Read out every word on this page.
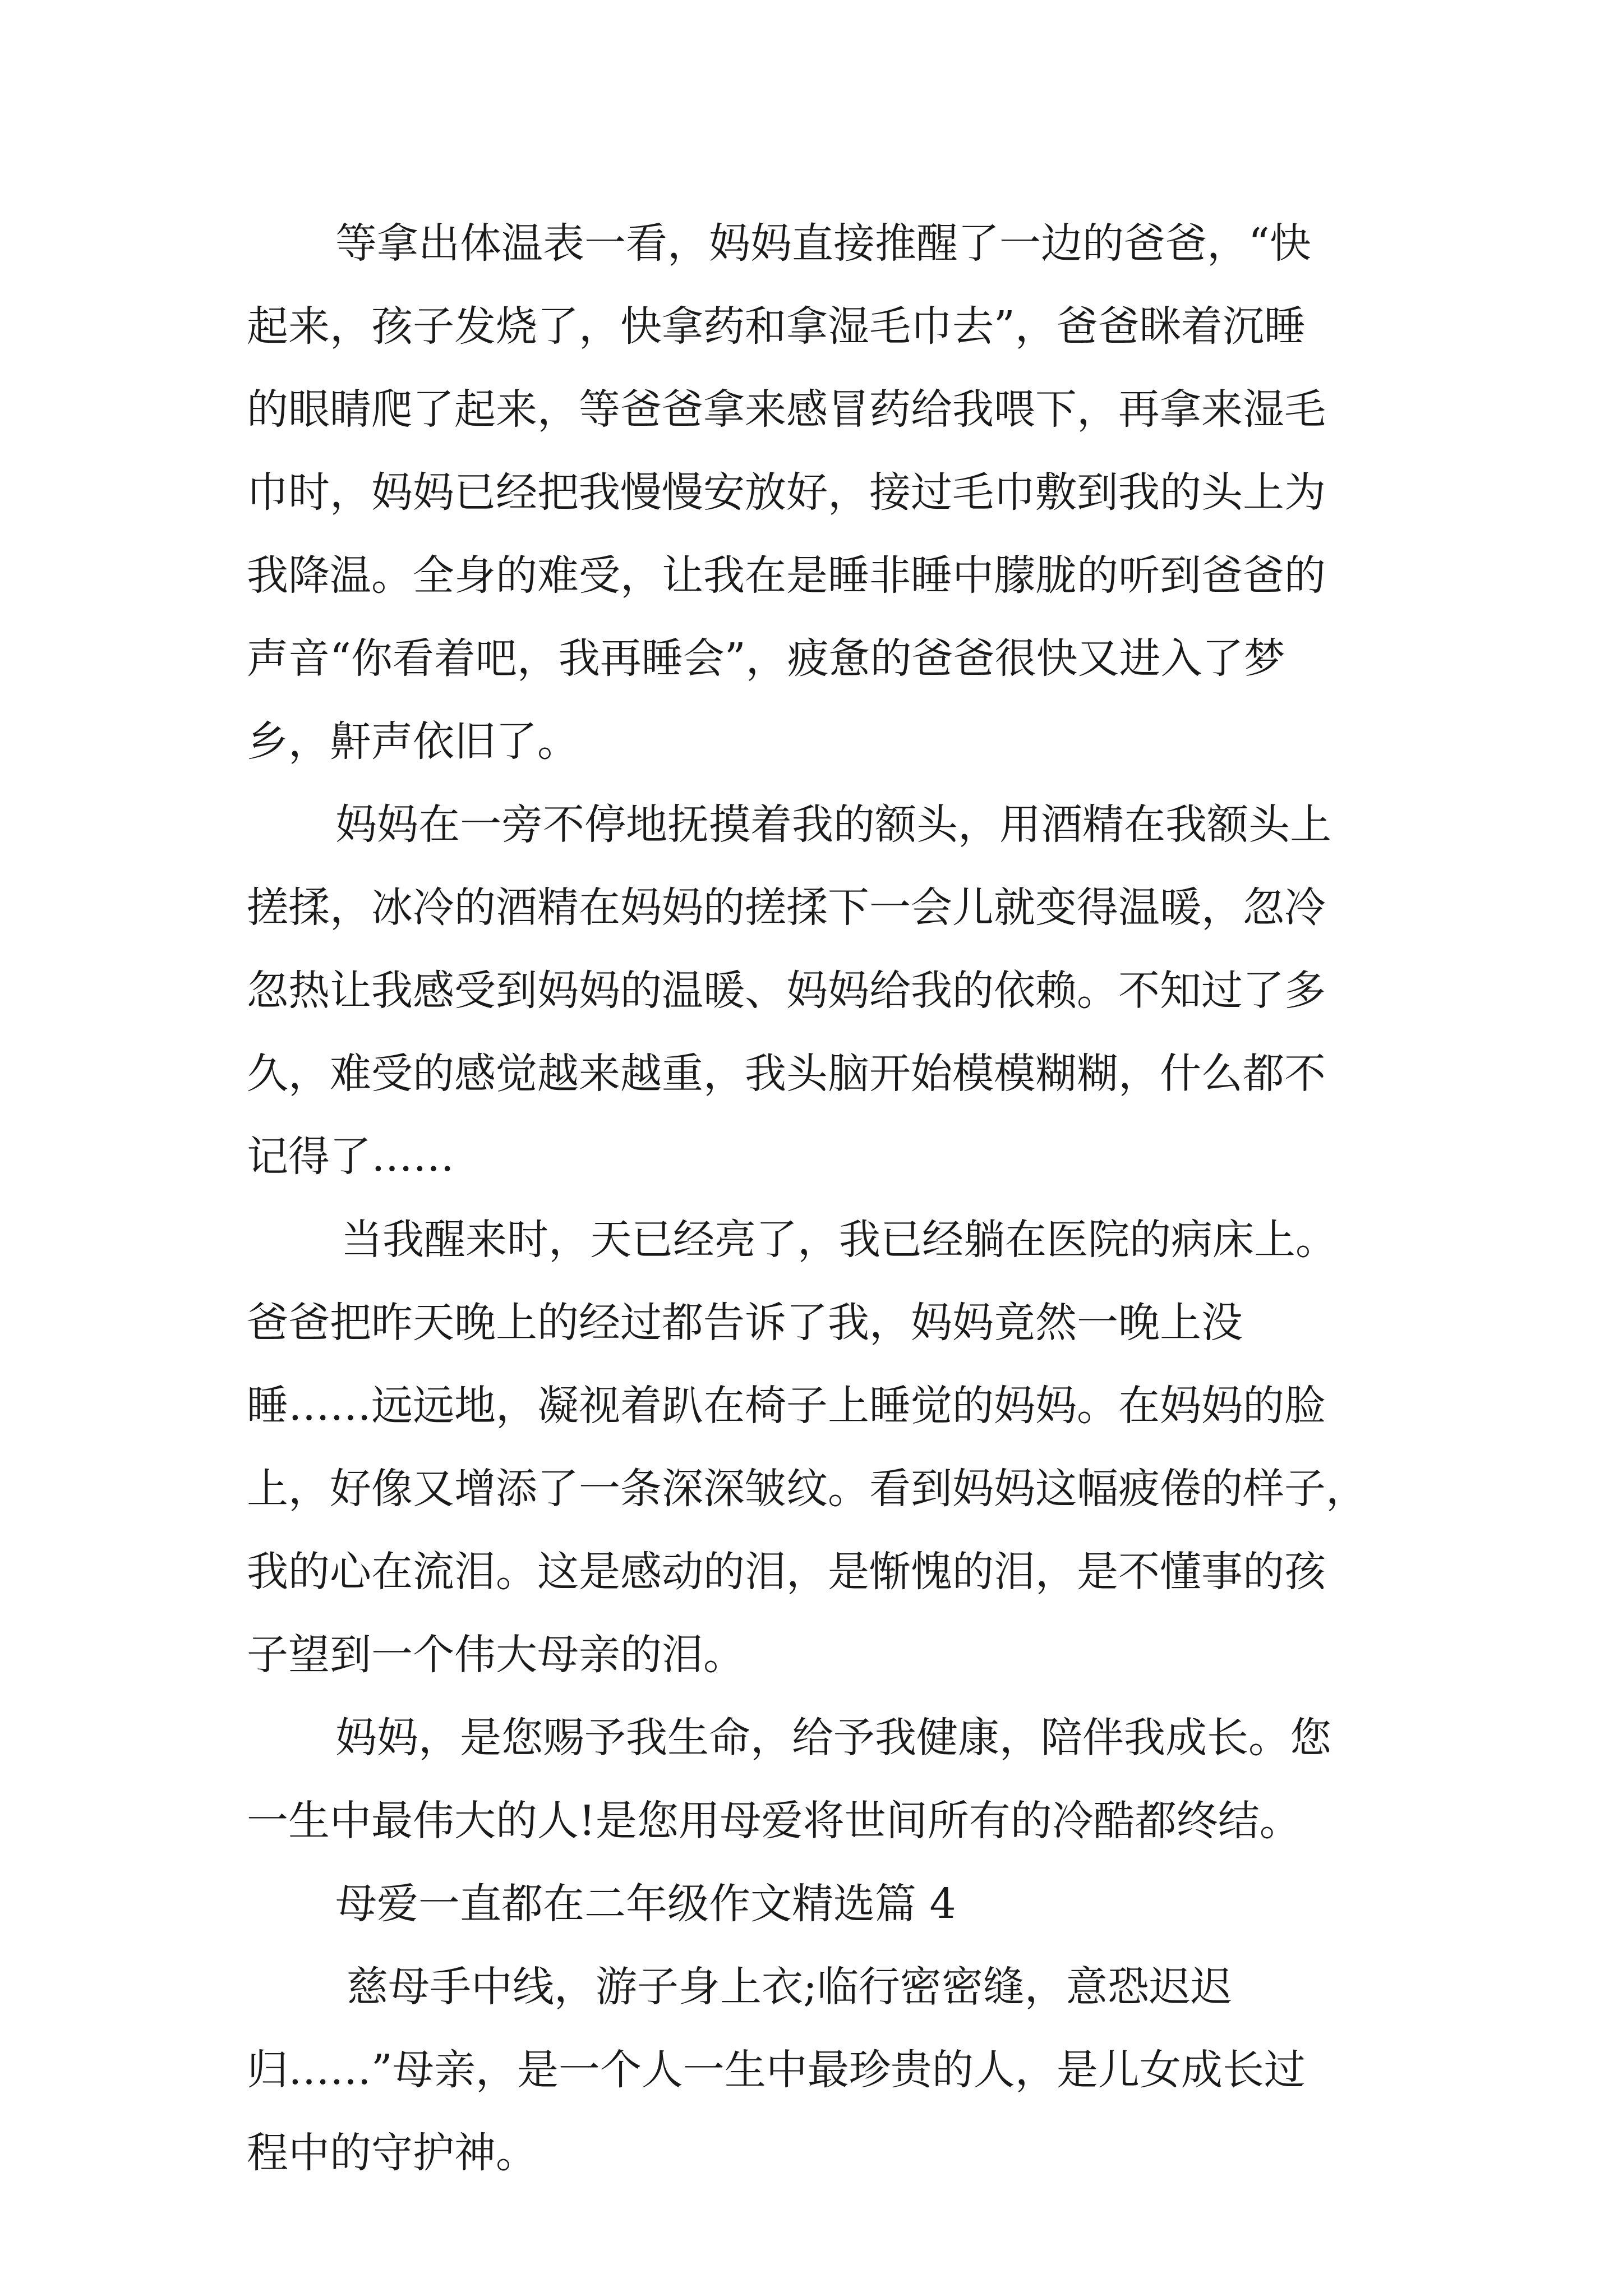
等拿出体温表一看，妈妈直接推醒了一边的爸爸，“快
起来，孩子发烧了，快拿药和拿湿毛巾去”，爸爸眯着沉睡
的眼睛爬了起来，等爸爸拿来感冒药给我喂下，再拿来湿毛
巾时，妈妈已经把我慢慢安放好，接过毛巾敷到我的头上为
我降温。全身的难受，让我在是睡非睡中朦胧的听到爸爸的
声音“你看着吧，我再睡会”，疲惫的爸爸很快又进入了梦
乡，鼾声依旧了。
妈妈在一旁不停地抚摸着我的额头，用酒精在我额头上
搓揉，冰冷的酒精在妈妈的搓揉下一会儿就变得温暖，忽冷
忽热让我感受到妈妈的温暖、妈妈给我的依赖。不知过了多
久，难受的感觉越来越重，我头脑开始模模糊糊，什么都不
记得了……
当我醒来时，天已经亮了，我已经躺在医院的病床上。
爸爸把昨天晚上的经过都告诉了我，妈妈竟然一晚上没
睡……远远地，凝视着趴在椅子上睡觉的妈妈。在妈妈的脸
上，好像又增添了一条深深皱纹。看到妈妈这幅疲倦的样子，
我的心在流泪。这是感动的泪，是惭愧的泪，是不懂事的孩
子望到一个伟大母亲的泪。
妈妈，是您赐予我生命，给予我健康，陪伴我成长。您
一生中最伟大的人!是您用母爱将世间所有的冷酷都终结。
母爱一直都在二年级作文精选篇 4
慈母手中线，游子身上衣;临行密密缝，意恐迟迟
归……”母亲，是一个人一生中最珍贵的人，是儿女成长过
程中的守护神。
